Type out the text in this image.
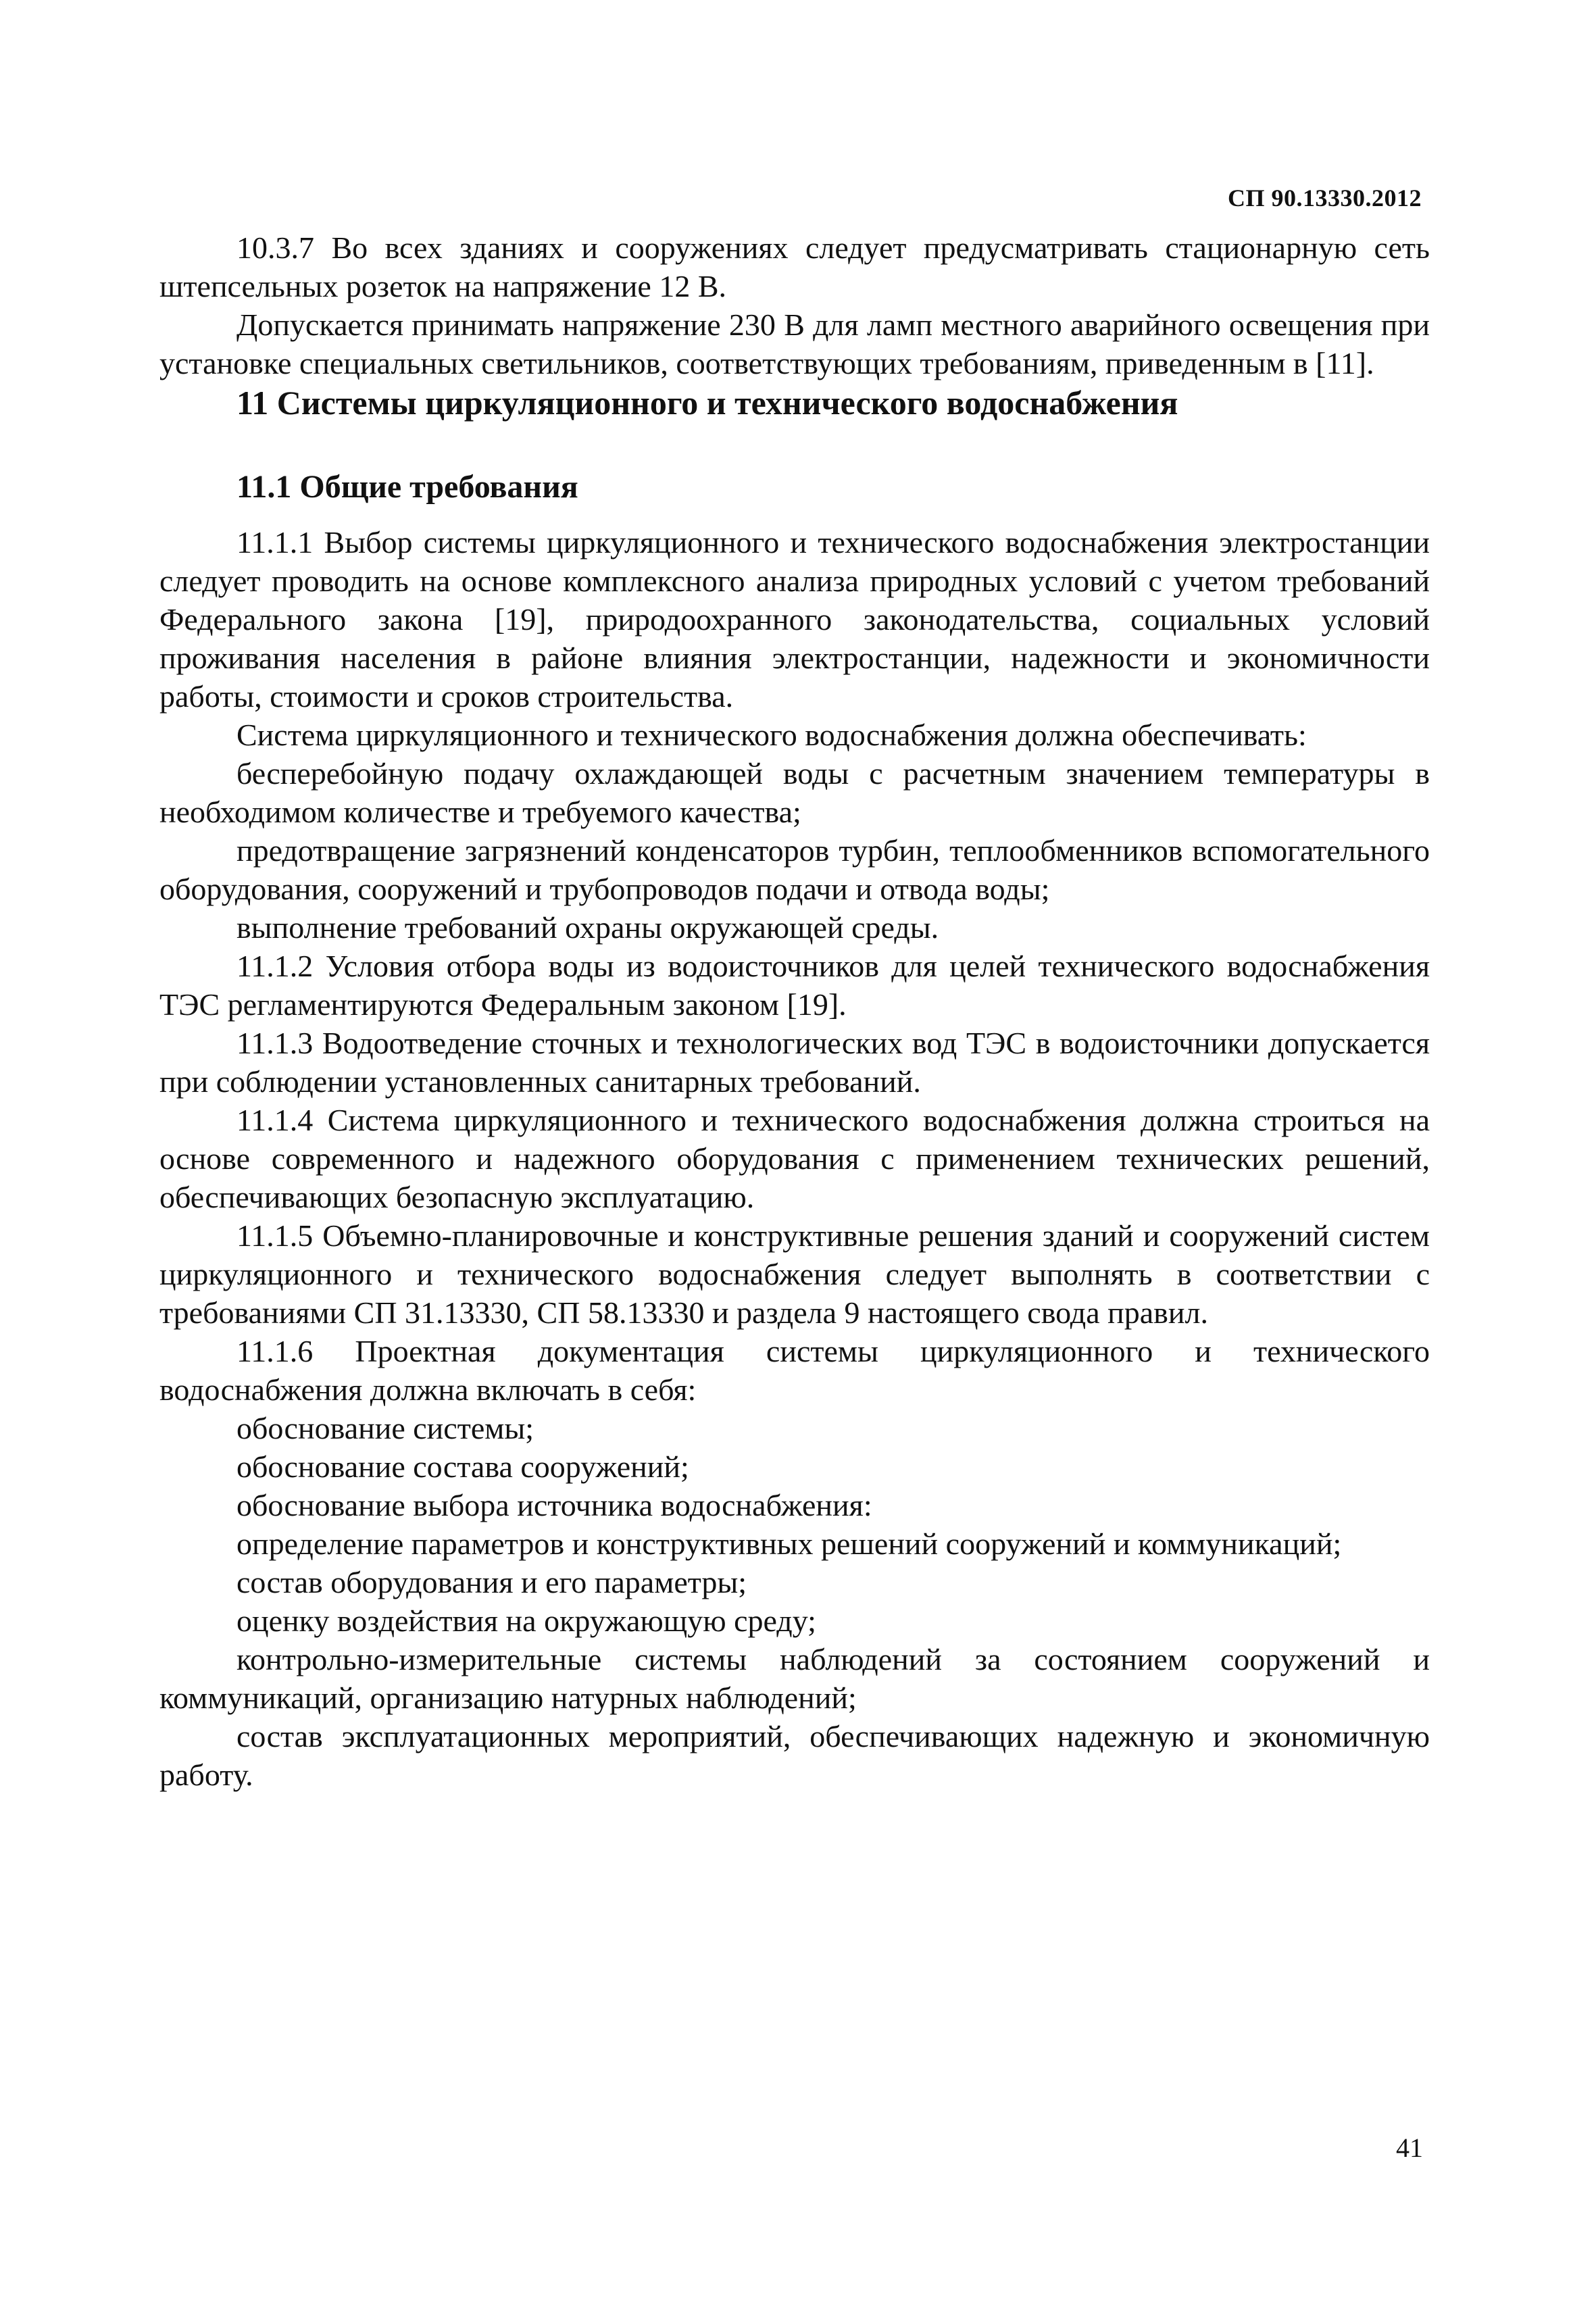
СП 90.13330.2012

10.3.7 Во всех зданиях и сооружениях следует предусматривать стационарную сеть штепсельных розеток на напряжение 12 В.

Допускается принимать напряжение 230 В для ламп местного аварийного освещения при установке специальных светильников, соответствующих требованиям, приведенным в [11].

11 Системы циркуляционного и технического водоснабжения
11.1 Общие требования

11.1.1 Выбор системы циркуляционного и технического водоснабжения электростанции следует проводить на основе комплексного анализа природных условий с учетом требований Федерального закона [19], природоохранного законодательства, социальных условий проживания населения в районе влияния электростанции, надежности и экономичности работы, стоимости и сроков строительства.

Система циркуляционного и технического водоснабжения должна обеспечивать:

бесперебойную подачу охлаждающей воды с расчетным значением температуры в необходимом количестве и требуемого качества;

предотвращение загрязнений конденсаторов турбин, теплообменников вспомогательного оборудования, сооружений и трубопроводов подачи и отвода воды;

выполнение требований охраны окружающей среды.

11.1.2 Условия отбора воды из водоисточников для целей технического водоснабжения ТЭС регламентируются Федеральным законом [19].

11.1.3 Водоотведение сточных и технологических вод ТЭС в водоисточники допускается при соблюдении установленных санитарных требований.

11.1.4 Система циркуляционного и технического водоснабжения должна строиться на основе современного и надежного оборудования с применением технических решений, обеспечивающих безопасную эксплуатацию.

11.1.5 Объемно-планировочные и конструктивные решения зданий и сооружений систем циркуляционного и технического водоснабжения следует выполнять в соответствии с требованиями СП 31.13330, СП 58.13330 и раздела 9 настоящего свода правил.

11.1.6 Проектная документация системы циркуляционного и технического водоснабжения должна включать в себя:

обоснование системы;

обоснование состава сооружений;

обоснование выбора источника водоснабжения:

определение параметров и конструктивных решений сооружений и коммуникаций;

состав оборудования и его параметры;

оценку воздействия на окружающую среду;

контрольно-измерительные системы наблюдений за состоянием сооружений и коммуникаций, организацию натурных наблюдений;

состав эксплуатационных мероприятий, обеспечивающих надежную и экономичную работу.

41
